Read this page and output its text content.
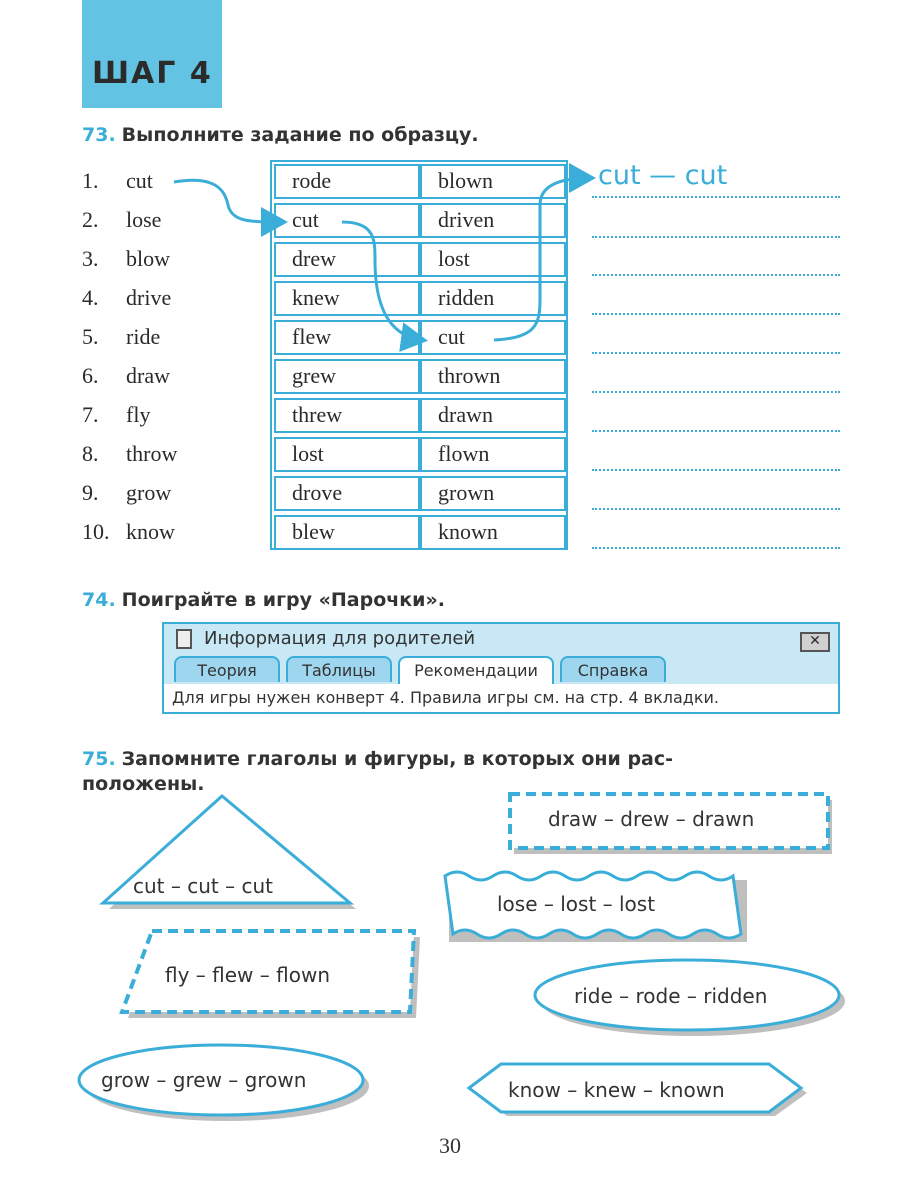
ШАГ 4
73. Выполните задание по образцу.
1. cut
2. lose
3. blow
4. drive
5. ride
6. draw
7. fly
8. throw
9. grow
10. know
rode	blown
cut	driven
drew	lost
knew	ridden
flew	cut
grew	thrown
threw	drawn
lost	flown
drove	grown
blew	known
cut — cut
74. Поиграйте в игру «Парочки».
Информация для родителей	✕
Теория	Таблицы	Рекомендации	Справка
Для игры нужен конверт 4. Правила игры см. на стр. 4 вкладки.
75. Запомните глаголы и фигуры, в которых они рас-
положены.
cut – cut – cut
draw – drew – drawn
lose – lost – lost
fly – flew – flown
ride – rode – ridden
grow – grew – grown	know – knew – known
30
